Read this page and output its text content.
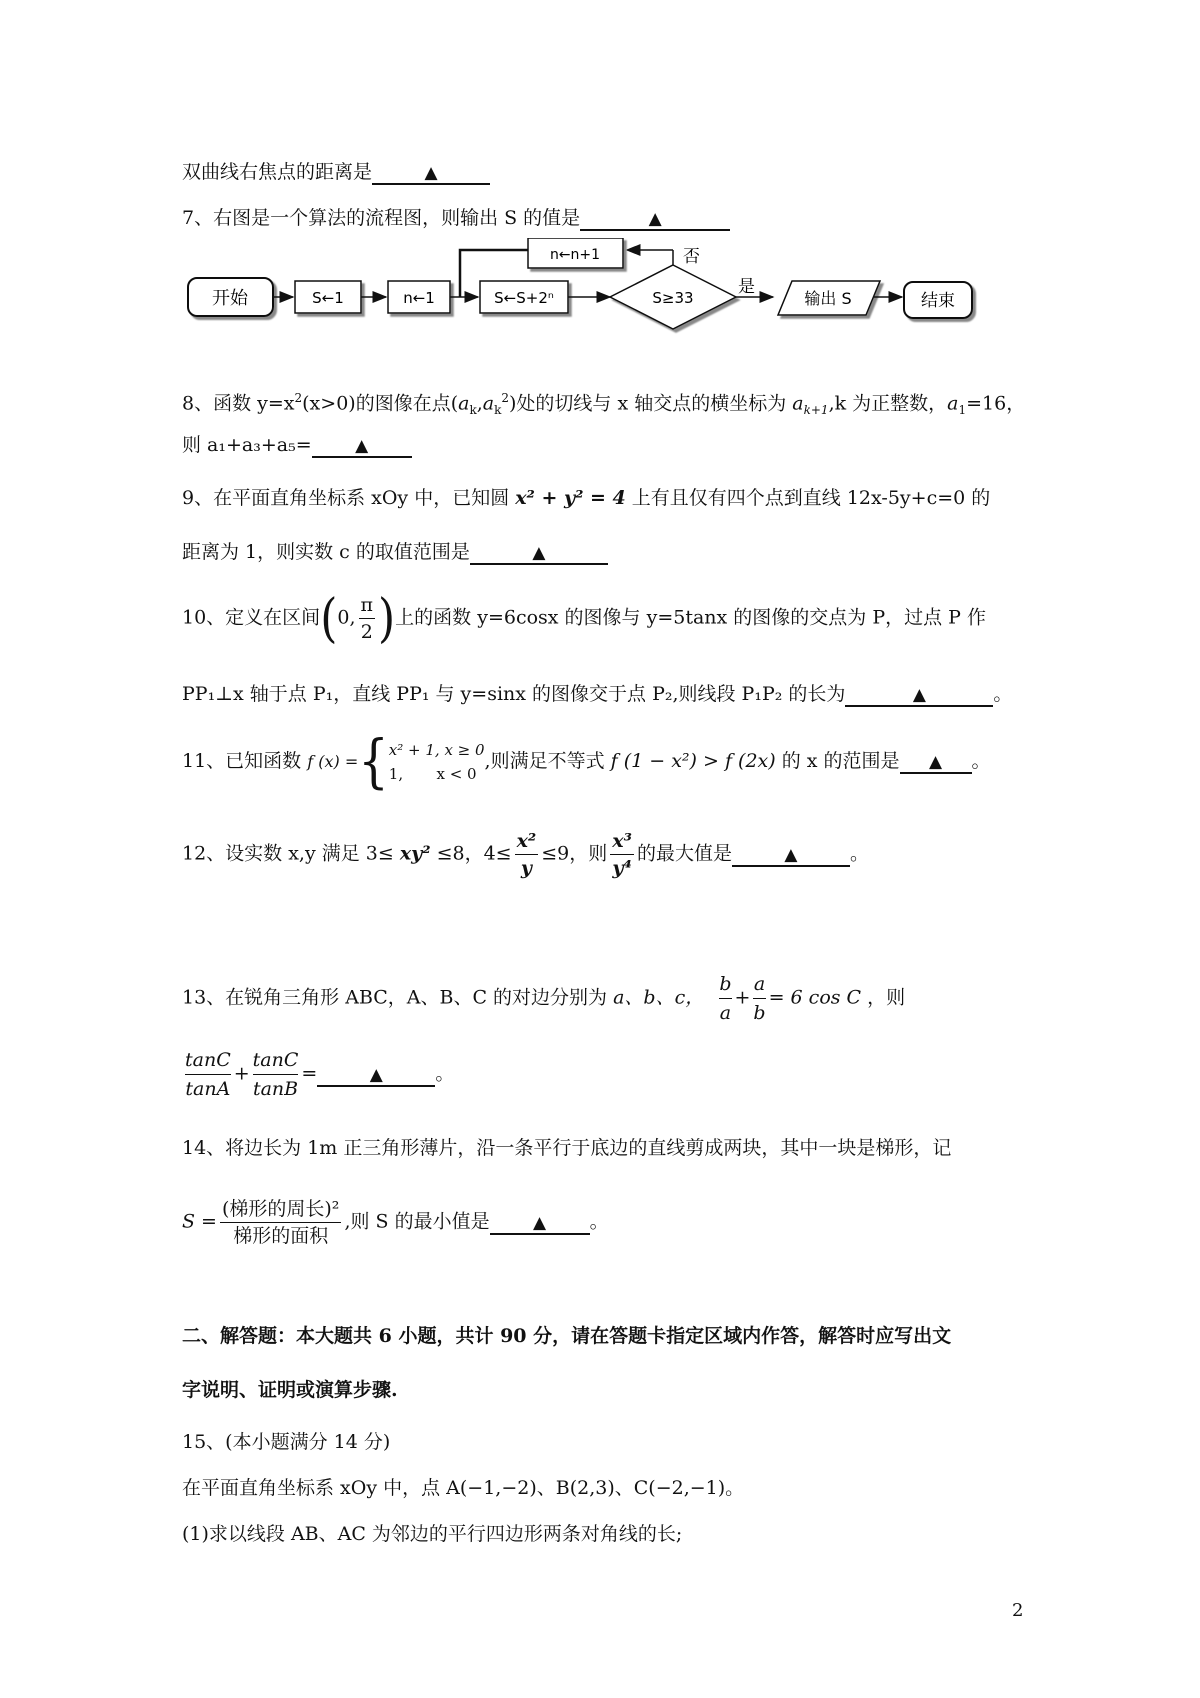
双曲线右焦点的距离是	▲
7、右图是一个算法的流程图，则输出 S 的值是	▲
开始	S←1	n←1	S←S+2ⁿ	S≥33
否
n←n+1
是
输出 S	结束
8、函数 $y=x^2(x>0)$的图像在点$(a_k,a_k^2)$处的切线与 x 轴交点的横坐标为 $a_{k+1},k$ 为正整数，$a_1=16$，
则 a₁+a₃+a₅=	▲
9、在平面直角坐标系 xOy 中，已知圆 x² + y² = 4 上有且仅有四个点到直线 12x-5y+c=0 的
距离为 1，则实数 c 的取值范围是	▲
10、定义在区间(0, $\frac{\pi}{2}$ )上的函数 y=6cosx 的图像与 y=5tanx 的图像的交点为 P，过点 P 作
PP₁⊥x 轴于点 P₁，直线 PP₁ 与 y=sinx 的图像交于点 P₂,则线段 P₁P₂ 的长为	▲	。
11、已知函数 f (x) ={ x² + 1, x ≥ 0
1,       x < 0
,则满足不等式 f (1 − x²) > f (2x) 的 x 的范围是 ▲ 。
12、设实数 x,y 满足 3≤ xy² ≤8，$4\le \frac{\text{x²}}{y} \le 9$，则 $\frac{\text{x³}}{\text{y⁴}}$ 的最大值是	▲	。
13、在锐角三角形 ABC，A、B、C 的对边分别为 a、b、c， $\frac{b}{a} + \frac{a}{b} = 6$ cos C ，则
$\frac{\tan C}{\tan A} + \frac{\tan C}{\tan B}$ =	▲	。
14、将边长为 1m 正三角形薄片，沿一条平行于底边的直线剪成两块，其中一块是梯形，记
$S = \frac{\text{(梯形的周长)²}}{\text{梯形的面积}}$ ,则 S 的最小值是	▲ 。
二、解答题：本大题共 6 小题，共计 90 分，请在答题卡指定区域内作答，解答时应写出文
字说明、证明或演算步骤.
15、(本小题满分 14 分)
在平面直角坐标系 xOy 中，点 A(−1,−2)、B(2,3)、C(−2,−1)。
(1)求以线段 AB、AC 为邻边的平行四边形两条对角线的长;
2
